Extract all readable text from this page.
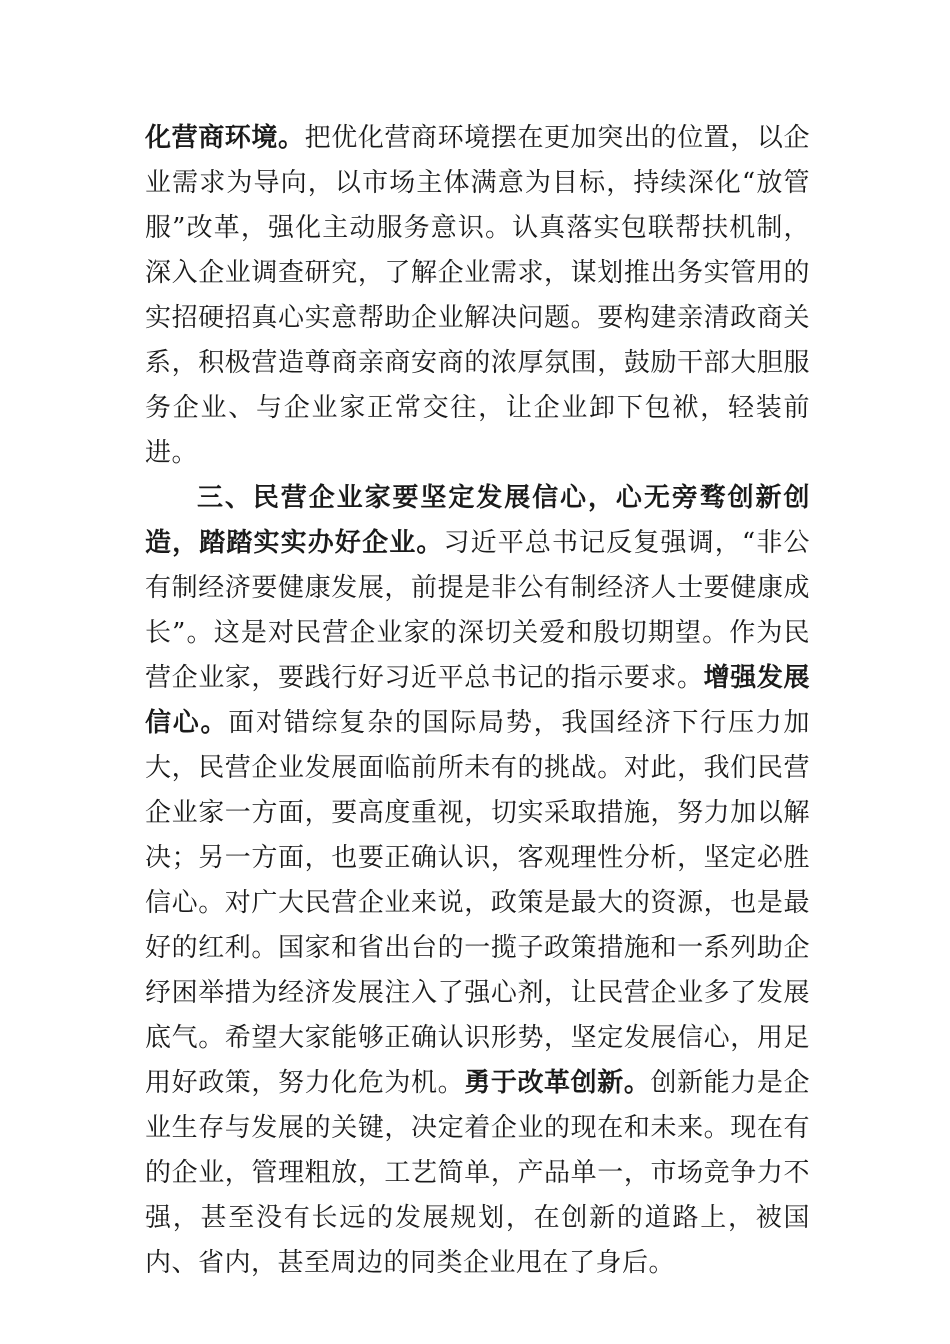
化营商环境。把优化营商环境摆在更加突出的位置，以企业需求为导向，以市场主体满意为目标，持续深化“放管服”改革，强化主动服务意识。认真落实包联帮扶机制，深入企业调查研究，了解企业需求，谋划推出务实管用的实招硬招真心实意帮助企业解决问题。要构建亲清政商关系，积极营造尊商亲商安商的浓厚氛围，鼓励干部大胆服务企业、与企业家正常交往，让企业卸下包袱，轻装前进。

三、民营企业家要坚定发展信心，心无旁骛创新创造，踏踏实实办好企业。习近平总书记反复强调，“非公有制经济要健康发展，前提是非公有制经济人士要健康成长”。这是对民营企业家的深切关爱和殷切期望。作为民营企业家，要践行好习近平总书记的指示要求。增强发展信心。面对错综复杂的国际局势，我国经济下行压力加大，民营企业发展面临前所未有的挑战。对此，我们民营企业家一方面，要高度重视，切实采取措施，努力加以解决；另一方面，也要正确认识，客观理性分析，坚定必胜信心。对广大民营企业来说，政策是最大的资源，也是最好的红利。国家和省出台的一揽子政策措施和一系列助企纾困举措为经济发展注入了强心剂，让民营企业多了发展底气。希望大家能够正确认识形势，坚定发展信心，用足用好政策，努力化危为机。勇于改革创新。创新能力是企业生存与发展的关键，决定着企业的现在和未来。现在有的企业，管理粗放，工艺简单，产品单一，市场竞争力不强，甚至没有长远的发展规划，在创新的道路上，被国内、省内，甚至周边的同类企业甩在了身后。
